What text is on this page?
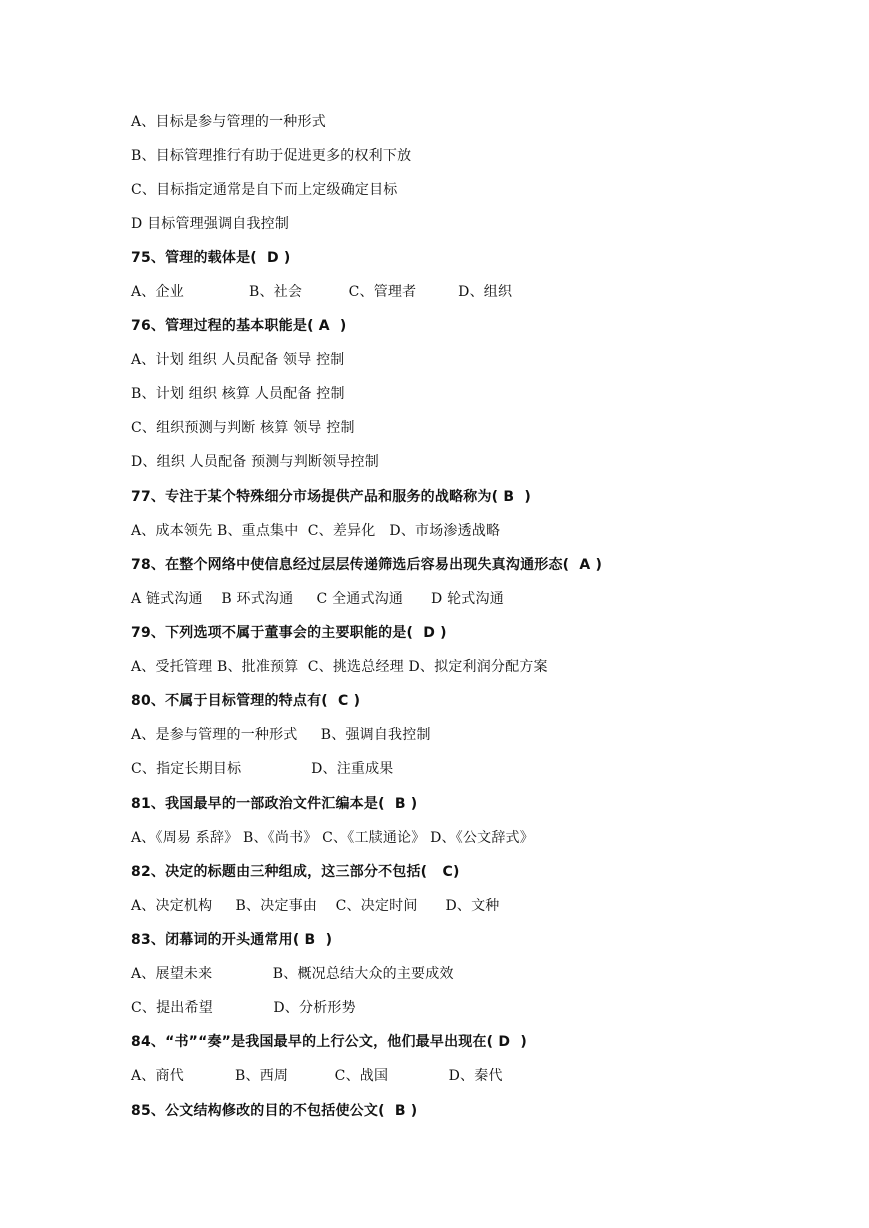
A、目标是参与管理的一种形式
B、目标管理推行有助于促进更多的权利下放
C、目标指定通常是自下而上定级确定目标
D 目标管理强调自我控制
75、管理的载体是(  D )
A、企业              B、社会          C、管理者         D、组织
76、管理过程的基本职能是( A  )
A、计划 组织 人员配备 领导 控制
B、计划 组织 核算 人员配备 控制
C、组织预测与判断 核算 领导 控制
D、组织 人员配备 预测与判断领导控制
77、专注于某个特殊细分市场提供产品和服务的战略称为( B  )
A、成本领先 B、重点集中  C、差异化   D、市场渗透战略
78、在整个网络中使信息经过层层传递筛选后容易出现失真沟通形态(  A )
A 链式沟通    B 环式沟通     C 全通式沟通      D 轮式沟通
79、下列选项不属于董事会的主要职能的是(  D )
A、受托管理 B、批准预算  C、挑选总经理 D、拟定利润分配方案
80、不属于目标管理的特点有(  C )
A、是参与管理的一种形式     B、强调自我控制
C、指定长期目标               D、注重成果
81、我国最早的一部政治文件汇编本是(  B )
A、《周易 系辞》 B、《尚书》 C、《工牍通论》 D、《公文辞式》
82、决定的标题由三种组成，这三部分不包括(   C)
A、决定机构     B、决定事由    C、决定时间      D、文种
83、闭幕词的开头通常用( B  )
A、展望未来             B、概况总结大众的主要成效
C、提出希望             D、分析形势
84、“书”“奏”是我国最早的上行公文，他们最早出现在( D  )
A、商代           B、西周          C、战国             D、秦代
85、公文结构修改的目的不包括使公文(  B )
